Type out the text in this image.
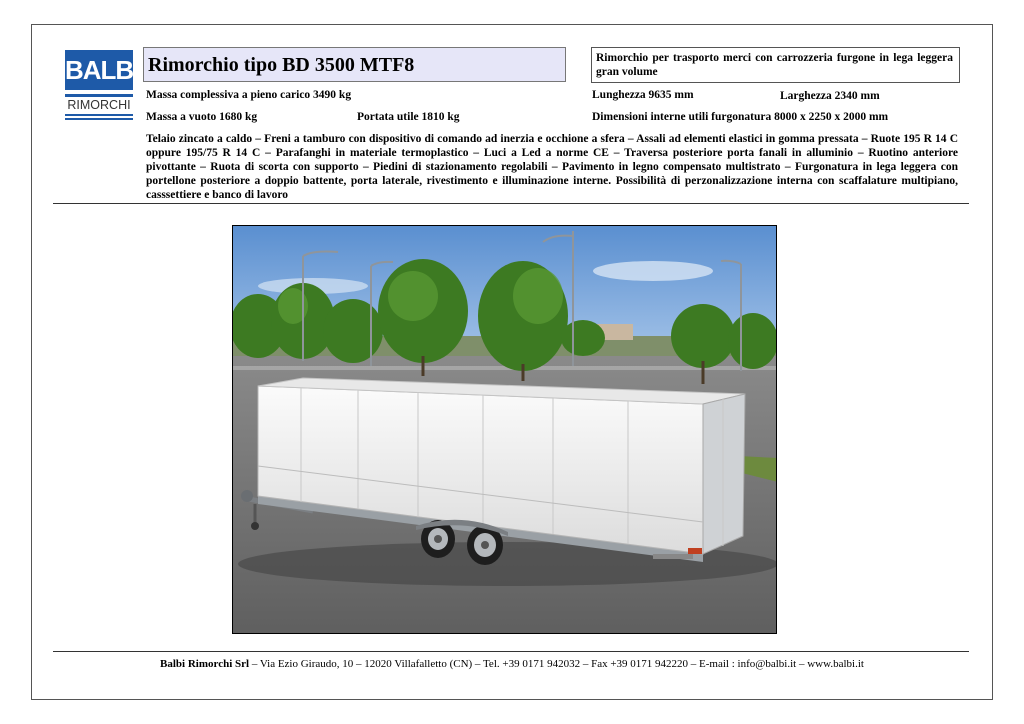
BALBI
RIMORCHI
Rimorchio tipo BD 3500 MTF8	Rimorchio per trasporto merci con carrozzeria furgone in lega leggera gran volume
Massa complessiva a pieno carico 3490 kg
Massa a vuoto 1680 kg	Portata utile 1810 kg
Lunghezza 9635 mm	Larghezza 2340 mm
Dimensioni interne utili furgonatura 8000 x 2250 x 2000 mm
Telaio zincato a caldo – Freni a tamburo con dispositivo di comando ad inerzia e occhione a sfera – Assali ad elementi elastici in gomma pressata – Ruote 195 R 14 C oppure 195/75 R 14 C – Parafanghi in materiale termoplastico – Luci a Led a norme CE – Traversa posteriore porta fanali in alluminio – Ruotino anteriore pivottante – Ruota di scorta con supporto – Piedini di stazionamento regolabili – Pavimento in legno compensato multistrato – Furgonatura in lega leggera con portellone posteriore a doppio battente, porta laterale, rivestimento e illuminazione interne. Possibilità di perzonalizzazione interna con scaffalature multipiano, casssettiere e banco di lavoro
Balbi Rimorchi Srl – Via Ezio Giraudo, 10 – 12020 Villafalletto (CN) – Tel. +39 0171 942032 – Fax +39 0171 942220 – E-mail : info@balbi.it – www.balbi.it
